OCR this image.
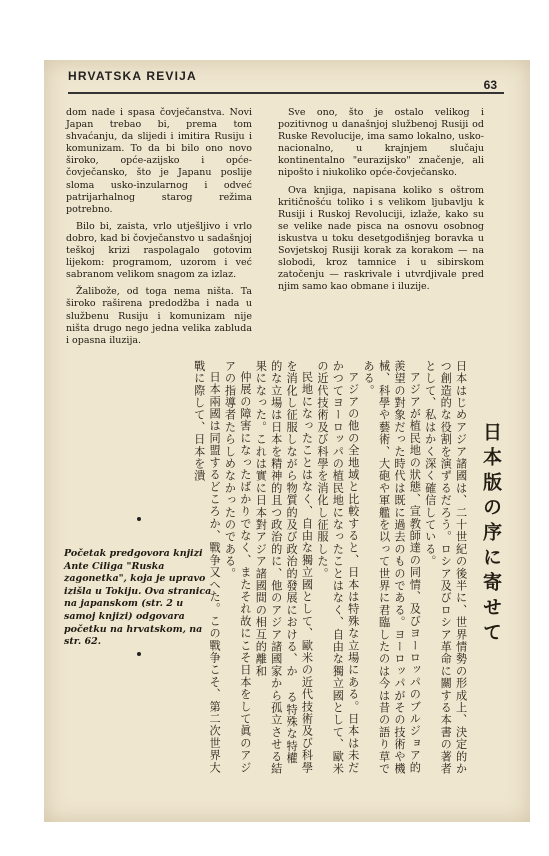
HRVATSKA REVIJA
63

dom nade i spasa čovječanstva. Novi Japan trebao bi, prema tom shvaćanju, da slijedi i imitira Rusiju i komunizam. To da bi bilo ono novo široko, opće-azijsko i opće-čovječansko, što je Japanu poslije sloma usko-inzularnog i odveć patrijarhalnog starog režima potrebno.

Bilo bi, zaista, vrlo utješljivo i vrlo dobro, kad bi čovječanstvo u sadašnjoj teškoj krizi raspolagalo gotovim lijekom: programom, uzorom i već sabranom velikom snagom za izlaz.

Žalibože, od toga nema ništa. Ta široko raširena predodžba i nada u službenu Rusiju i komunizam nije ništa drugo nego jedna velika zabluda i opasna iluzija.

Sve ono, što je ostalo velikog i pozitivnog u današnjoj službenoj Rusiji od Ruske Revolucije, ima samo lokalno, usko-nacionalno, u krajnjem slučaju kontinentalno "eurazijsko" značenje, ali nipošto i niukoliko opće-čovječansko.

Ova knjiga, napisana koliko s oštrom kritičnošću toliko i s velikom ljubavlju k Rusiji i Ruskoj Revoluciji, izlaže, kako su se velike nade pisca na osnovu osobnog iskustva u toku desetgodišnjeg boravka u Sovjetskoj Rusiji korak za korakom — na slobodi, kroz tamnice i u sibirskom zatočenju — raskrivale i utvrdjivale pred njim samo kao obmane i iluzije.

日本版の序に寄せて

日本はじめアジア諸國は、二十世紀の後半に、世界情勢の形成上、決定的かつ創造的な役割を演ずるだろう。ロシア及びロシア革命に關する本書の著者として、私はかく深く確信している。

アジアが植民地の狀態、宣教師達の同情、及びヨーロッパのブルジョア的羨望の對象だった時代は既に過去のものである。ヨーロッパがその技術や機械、科學や藝術、大砲や軍艦を以って世界に君臨したのは今は昔の語り草である。

アジアの他の全地域と比較すると、日本は特殊な立場にある。日本は未だかつてヨーロッパの植民地になったことはなく、自由な獨立國として、歐米の近代技術及び科學を消化し征服した。

民地になったことはなく、自由な獨立國として、歐米の近代技術及び科學を消化し征服しながら物質的及び政治的發展における、か る特殊な特權的な立場は日本を精神的且つ政治的に、他のアジア諸國家から孤立させる結果になった。これは實に日本對アジア諸國間の相互的離和

仲展の障害になったばかりでなく、またそれ故にこそ日本をして眞のアジアの指導者たらしめなかったのである。

日本兩國は同盟するどころか、戰争又へた。この戰争こそ、第二次世界大戰に際して、日本を潰

Početak predgovora knjizi Ante Ciliga "Ruska zagonetka", koja je upravo izišla u Tokiju. Ova stranica na japanskom (str. 2 u samoj knjizi) odgovara početku na hrvatskom, na str. 62.
